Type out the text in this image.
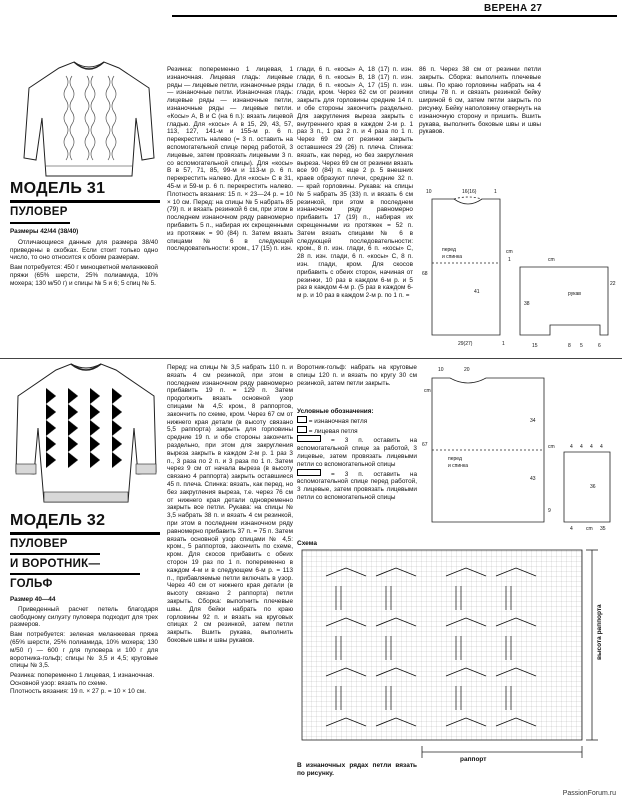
ВЕРЕНА 27
МОДЕЛЬ 31
ПУЛОВЕР

Размеры 42/44 (38/40)

Отличающиеся данные для размера 38/40 приведены в скобках. Если стоит только одно число, то оно относится к обоим размерам.

Вам потребуется: 450 г миноцветной меланжевой пряжи (65% шерсти, 25% полиамида, 10% мохера; 130 м/50 г) и спицы № 5 и 6; 5 спиц № 5.

Резинка: попеременно 1 лицевая, 1 изнаночная. Лицевая гладь: лицевые ряды — лицевые петли, изнаночные ряды — изнаночные петли. Изнаночная гладь: лицевые ряды — изнаночные петли, изнаночные ряды — лицевые петли. «Косы» А, В и С (на 6 п.): вязать лицевой гладью. Для «косы» А в 15, 29, 43, 57, 113, 127, 141-м и 155-м р. 6 п. перекрестить налево (= 3 п. оставить на вспомогательной спице перед работой, 3 лицевые, затем провязать лицевыми 3 п. со вспомогательной спицы). Для «косы» В в 57, 71, 85, 99-м и 113-м р. 6 п. перекрестить налево. Для «косы» С в 31, 45-м и 59-м р. 6 п. перекрестить налево. Плотность вязания: 15 п. × 23—24 р. = 10 × 10 см. Перед: на спицы № 5 набрать 85 (79) п. и вязать резинкой 6 см, при этом в последнем изнаночном ряду равномерно прибавить 5 п., набирая их скрещенными из протяжек = 90 (84) п. Затем вязать спицами № 6 в следующей последовательности: кром., 17 (15) п. изн.
глади, 6 п. «косы» А, 18 (17) п. изн. глади, 6 п. «косы» В, 18 (17) п. изн. глади, 6 п. «косы» А, 17 (15) п. изн. глади, кром. Через 62 см от резинки закрыть для горловины средние 14 п. и обе стороны закончить раздельно. Для закругления выреза закрыть с внутреннего края в каждом 2-м р. 1 раз 3 п., 1 раз 2 п. и 4 раза по 1 п. Через 69 см от резинки закрыть оставшиеся 29 (26) п. плеча. Спинка: вязать, как перед, но без закругления выреза. Через 69 см от резинки вязать все 90 (84) п. еще 2 р. 5 внешних краев образуют плечи, средние 32 п. — край горловины. Рукава: на спицы № 5 набрать 35 (33) п. и вязать 6 см резинкой, при этом в последнем изнаночном ряду равномерно прибавить 17 (19) п., набирая их скрещенными из протяжек = 52 п. Затем вязать спицами № 6 в следующей последовательности: кром., 8 п. изн. глади, 6 п. «косы» С, 28 п. изн. глади, 6 п. «косы» С, 8 п. изн. глади, кром. Для скосов прибавить с обеих сторон, начиная от резинки, 10 раз в каждом 6-м р. и 5 раз в каждом 4-м р. (5 раз в каждом 6-м р. и 10 раз в каждом 2-м р. по 1 п. =
86 п. Через 38 см от резинки петли закрыть. Сборка: выполнить плечевые швы. По краю горловины набрать на 4 спицы 78 п. и связать резинкой бейку шириной 6 см, затем петли закрыть по рисунку. Бейку наполовину отвернуть на изнаночную сторону и пришить. Вшить рукава, выполнить боковые швы и швы рукавов.
10	16(16)	1
перед
и спинка
68
41
cm
29(27)	1
1	cm
рукав
38
22
15	8 5	6
МОДЕЛЬ 32
ПУЛОВЕР
И ВОРОТНИК—
ГОЛЬФ

Размер 40—44

Приведенный расчет петель благодаря свободному силуэту пуловера подходит для трех размеров.

Вам потребуется: зеленая меланжевая пряжа (65% шерсти, 25% полиамида, 10% мохера; 130 м/50 г) — 600 г для пуловера и 100 г для воротника-гольф; спицы № 3,5 и 4,5; круговые спицы № 3,5.

Резинка: попеременно 1 лицевая, 1 изнаночная.

Основной узор: вязать по схеме.

Плотность вязания: 19 п. × 27 р. = 10 × 10 см.

Перед: на спицы № 3,5 набрать 110 п. и вязать 4 см резинкой, при этом в последнем изнаночном ряду равномерно прибавить 19 п. = 129 п. Затем продолжить вязать основной узор спицами № 4,5: кром., 8 раппортов, закончить по схеме, кром. Через 67 см от нижнего края детали (в высоту связано 5,5 раппорта) закрыть для горловины средние 19 п. и обе стороны закончить раздельно, при этом для закругления выреза закрыть в каждом 2-м р. 1 раз 3 п., 3 раза по 2 п. и 3 раза по 1 п. Затем через 9 см от начала выреза (в высоту связано 4 раппорта) закрыть оставшиеся 45 п. плеча. Спинка: вязать, как перед, но без закругления выреза, т.е. через 76 см от нижнего края детали одновременно закрыть все петли. Рукава: на спицы № 3,5 набрать 38 п. и вязать 4 см резинкой, при этом в последнем изнаночном ряду равномерно прибавить 37 п. = 75 п. Затем вязать основной узор спицами № 4,5: кром., 5 раппортов, закончить по схеме, кром. Для скосов прибавить с обеих сторон 19 раз по 1 п. попеременно в каждом 4-м и в следующем 6-м р. = 113 п., прибавляемые петли включать в узор. Через 40 см от нижнего края детали (в высоту связано 2 раппорта) петли закрыть. Сборка: выполнить плечевые швы. Для бейки набрать по краю горловины 92 п. и вязать на круговых спицах 2 см резинкой, затем петли закрыть. Вшить рукава, выполнить боковые швы и швы рукавов.
Воротник-гольф: набрать на круговые спицы 120 п. и вязать по кругу 30 см резинкой, затем петли закрыть.

Условные обозначения:

= изнаночная петля

= лицевая петля

= 3 п. оставить на вспомогательной спице за работой, 3 лицевые, затем провязать лицевыми петли со вспомогательной спицы

= 3 п. оставить на вспомогательной спице перед работой, 3 лицевые, затем провязать лицевыми петли со вспомогательной спицы

10	20
перед
и спинка
67
43
34
36
cm
cm
4 4 4 4
9
4	cm 35
Схема
раппорт
высота раппорта
В изнаночных рядах петли вязать по рисунку.
PassionForum.ru
